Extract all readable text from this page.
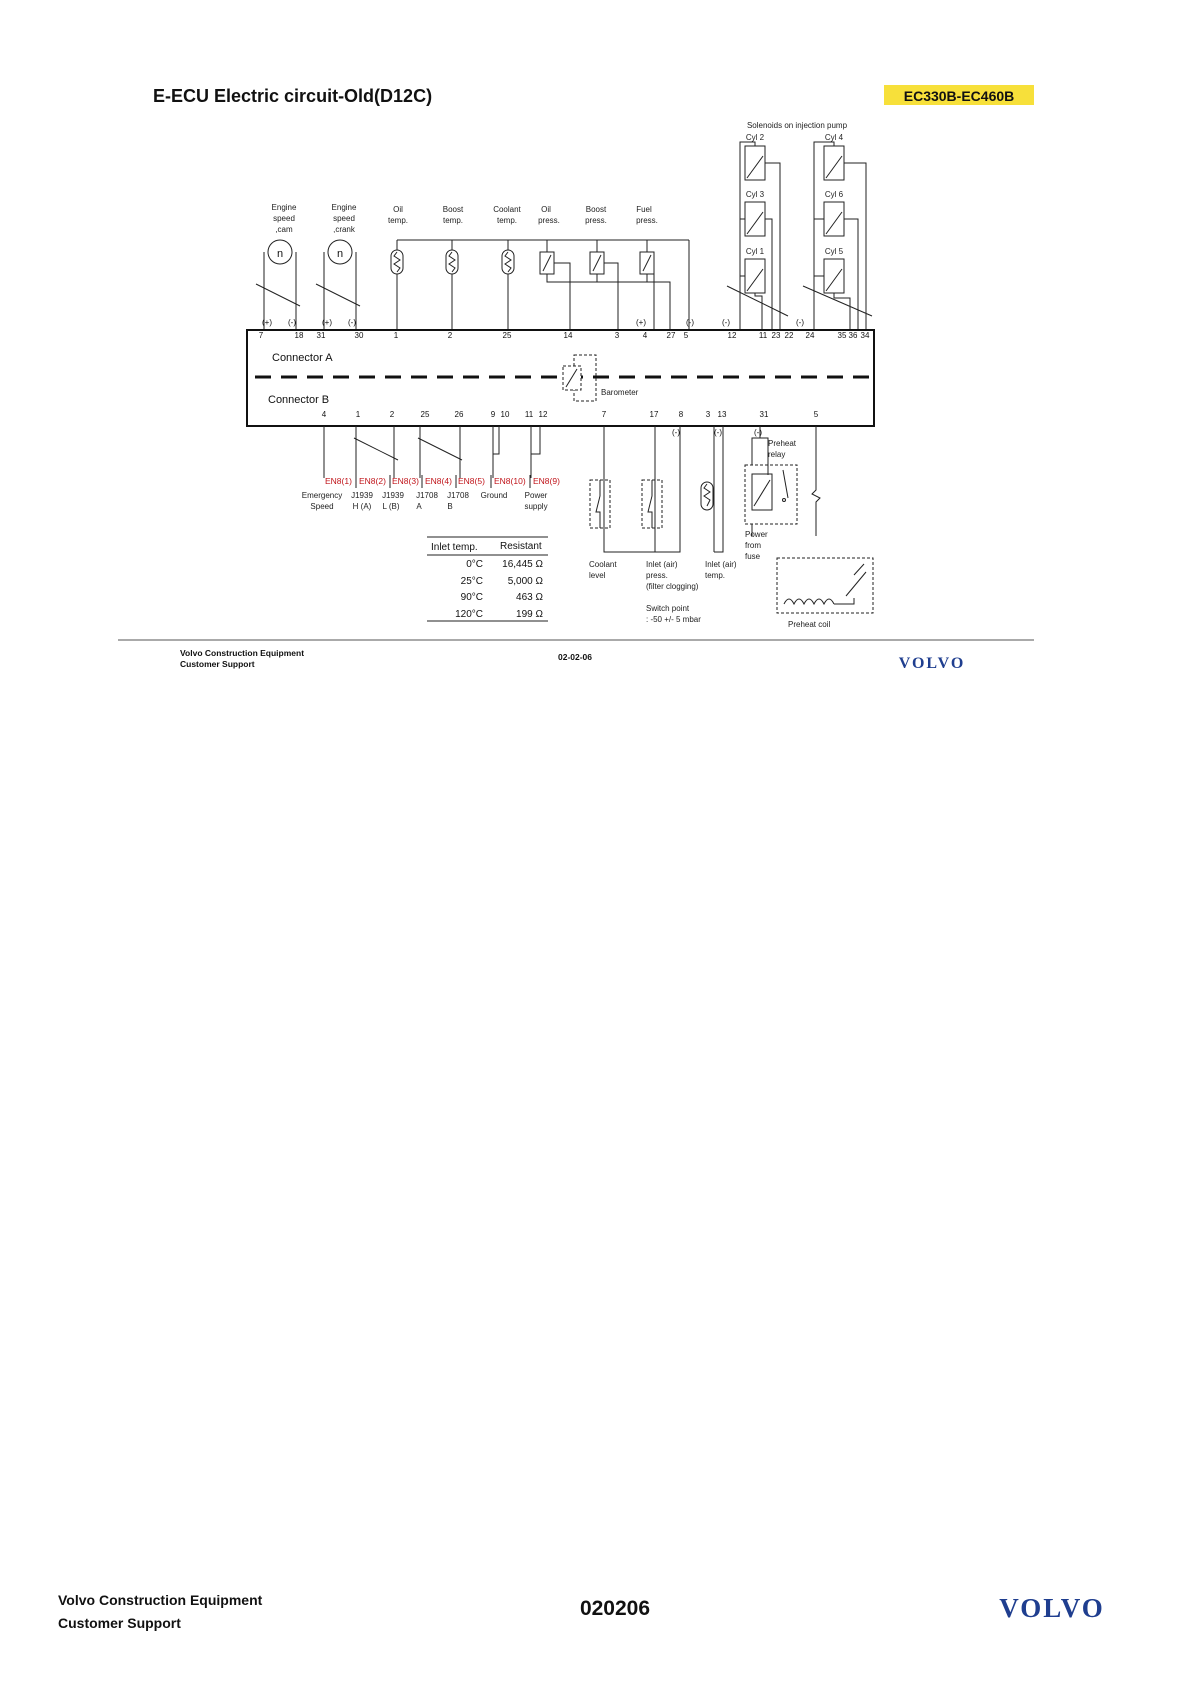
E-ECU Electric circuit-Old(D12C)	EC330B-EC460B
Solenoids on injection pump
Cyl 2	Cyl 4
Cyl 3	Cyl 6
Cyl 1	Cyl 5
Engine
speed
,cam
Engine
speed
,crank
Oil
temp.
Boost
temp.
Coolant
temp.
Oil
press.
Boost
press.
Fuel
press.
n	n
(+) (-)	(+) (-)	(+)	(-)	(-)	(-)
Connector A
Connector B
Barometer
7	18 31	30	1	2	25	14	3	4 27 5	12	11 23 22 24	35 36 34
4	1	2	25	26	9 10 11 12	7	17	8	3 13	31	5
(-)	(-)	(-)
EN8(1) EN8(2) EN8(3) EN8(4) EN8(5) EN8(10) EN8(9)
Emergency
Speed
J1939
H (A)
J1939
L (B)
J1708
A
J1708
B
Ground Power
supply
Preheat
relay
Power
from
fuse
Coolant
level
Inlet (air)
press.
(filter clogging)
Switch point
: -50 +/- 5 mbar
Inlet (air)
temp.
Preheat coil
Inlet temp. Resistant
0°C 16,445 Ω
25°C 5,000 Ω
90°C	463 Ω
120°C	199 Ω
Volvo Construction Equipment
Customer Support
02-02-06	VOLVO
Volvo Construction Equipment
Customer Support
020206	VOLVO
